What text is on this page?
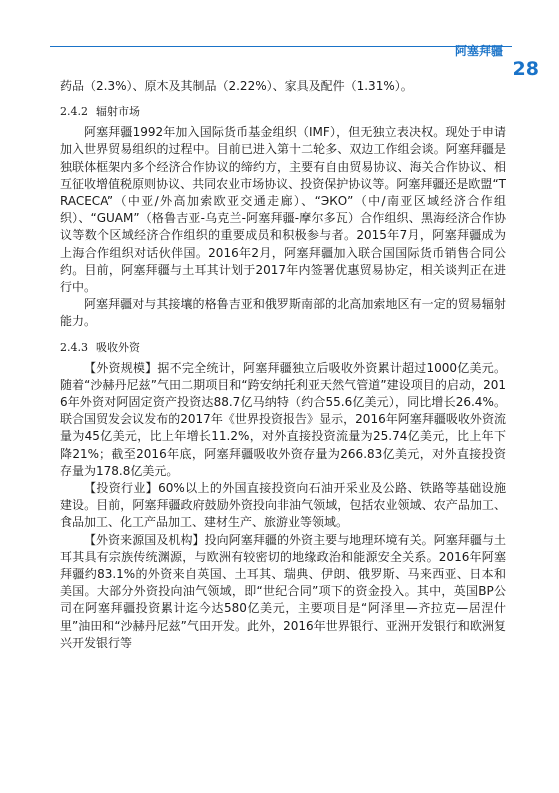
阿塞拜疆
28

药品（2.3%）、原木及其制品（2.22%）、家具及配件（1.31%）。

2.4.2 辐射市场

阿塞拜疆1992年加入国际货币基金组织（IMF），但无独立表决权。现处于申请加入世界贸易组织的过程中。目前已进入第十二轮多、双边工作组会谈。阿塞拜疆是独联体框架内多个经济合作协议的缔约方，主要有自由贸易协议、海关合作协议、相互征收增值税原则协议、共同农业市场协议、投资保护协议等。阿塞拜疆还是欧盟“TRACECA”（中亚/外高加索欧亚交通走廊）、“ЭКО”（中/南亚区域经济合作组织）、“GUAM”（格鲁吉亚-乌克兰-阿塞拜疆-摩尔多瓦）合作组织、黑海经济合作协议等数个区域经济合作组织的重要成员和积极参与者。2015年7月，阿塞拜疆成为上海合作组织对话伙伴国。2016年2月，阿塞拜疆加入联合国国际货币销售合同公约。目前，阿塞拜疆与土耳其计划于2017年内签署优惠贸易协定，相关谈判正在进行中。

阿塞拜疆对与其接壤的格鲁吉亚和俄罗斯南部的北高加索地区有一定的贸易辐射能力。

2.4.3 吸收外资

【外资规模】据不完全统计，阿塞拜疆独立后吸收外资累计超过1000亿美元。随着“沙赫丹尼兹”气田二期项目和“跨安纳托利亚天然气管道”建设项目的启动，2016年外资对阿固定资产投资达88.7亿马纳特（约合55.6亿美元），同比增长26.4%。联合国贸发会议发布的2017年《世界投资报告》显示，2016年阿塞拜疆吸收外资流量为45亿美元，比上年增长11.2%，对外直接投资流量为25.74亿美元，比上年下降21%；截至2016年底，阿塞拜疆吸收外资存量为266.83亿美元，对外直接投资存量为178.8亿美元。

【投资行业】60%以上的外国直接投资向石油开采业及公路、铁路等基础设施建设。目前，阿塞拜疆政府鼓励外资投向非油气领域，包括农业领域、农产品加工、食品加工、化工产品加工、建材生产、旅游业等领域。

【外资来源国及机构】投向阿塞拜疆的外资主要与地理环境有关。阿塞拜疆与土耳其具有宗族传统渊源，与欧洲有较密切的地缘政治和能源安全关系。2016年阿塞拜疆约83.1%的外资来自英国、土耳其、瑞典、伊朗、俄罗斯、马来西亚、日本和美国。大部分外资投向油气领域，即“世纪合同”项下的资金投入。其中，英国BP公司在阿塞拜疆投资累计迄今达580亿美元，主要项目是“阿泽里—齐拉克—居涅什里”油田和“沙赫丹尼兹”气田开发。此外，2016年世界银行、亚洲开发银行和欧洲复兴开发银行等
